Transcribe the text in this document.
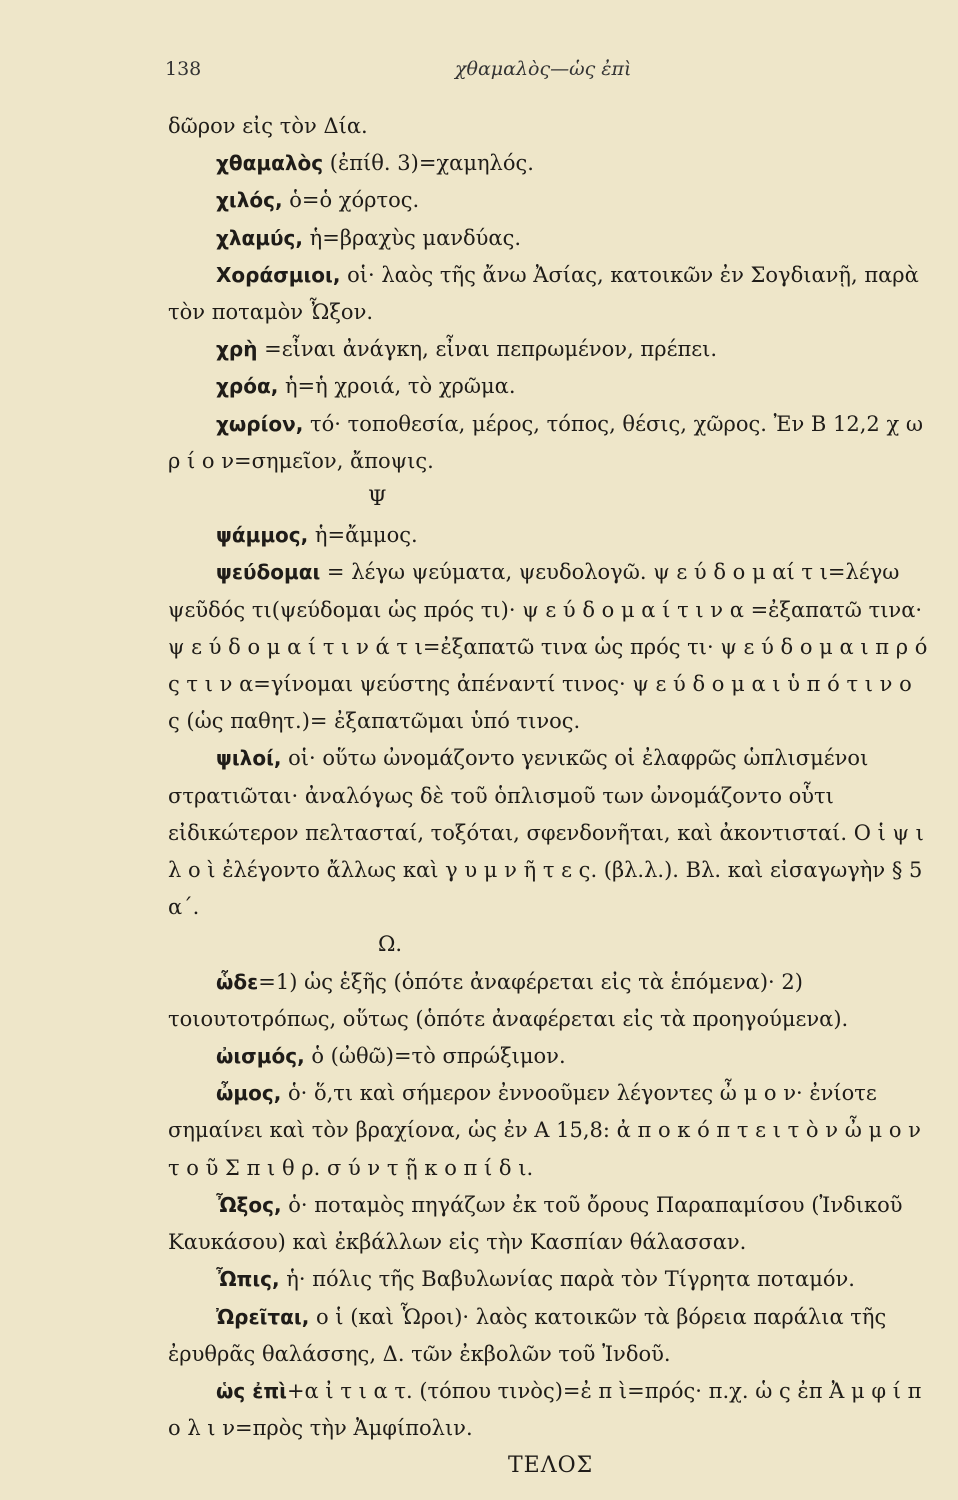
138	χθαμαλὸς—ὡς ἐπὶ

δῶρον εἰς τὸν Δία.

χθαμαλὸς (ἐπίθ. 3)=χαμηλός.

χιλός, ὁ=ὁ χόρτος.

χλαμύς, ἡ=βραχὺς μανδύας.

Χοράσμιοι, οἱ· λαὸς τῆς ἄνω Ἀσίας, κατοικῶν ἐν Σογδιανῇ, παρὰ τὸν ποταμὸν Ὦξον.

χρὴ =εἶναι ἀνάγκη, εἶναι πεπρωμένον, πρέπει.

χρόα, ἡ=ἡ χροιά, τὸ χρῶμα.

χωρίον, τό· τοποθεσία, μέρος, τόπος, θέσις, χῶρος. Ἐν Β 12,2 χ ω ρ ί ο ν=σημεῖον, ἄποψις.

Ψ

ψάμμος, ἡ=ἄμμος.

ψεύδομαι = λέγω ψεύματα, ψευδολογῶ. ψ ε ύ δ ο μ αί τ ι=λέγω ψεῦδός τι(ψεύδομαι ὡς πρός τι)· ψ ε ύ δ ο μ α ί τ ι ν α =ἐξαπατῶ τινα· ψ ε ύ δ ο μ α ί τ ι ν ά τ ι=ἐξαπατῶ τινα ὡς πρός τι· ψ ε ύ δ ο μ α ι π ρ ό ς τ ι ν α=γίνομαι ψεύστης ἀπέναντί τινος· ψ ε ύ δ ο μ α ι ὑ π ό τ ι ν ο ς (ὡς παθητ.)= ἐξαπατῶμαι ὑπό τινος.

ψιλοί, οἱ· οὕτω ὠνομάζοντο γενικῶς οἱ ἐλαφρῶς ὡπλισμένοι στρατιῶται· ἀναλόγως δὲ τοῦ ὁπλισμοῦ των ὠνομάζοντο οὗτι εἰδικώτερον πελτασταί, τοξόται, σφενδονῆται, καὶ ἀκοντισταί. Ο ἱ ψ ι λ ο ὶ ἐλέγοντο ἄλλως καὶ γ υ μ ν ῆ τ ε ς. (βλ.λ.). Βλ. καὶ εἰσαγωγὴν § 5 α΄.

Ω.

ὧδε=1) ὡς ἑξῆς (ὁπότε ἀναφέρεται εἰς τὰ ἑπόμενα)· 2) τοιουτοτρόπως, οὕτως (ὁπότε ἀναφέρεται εἰς τὰ προηγούμενα).

ὠισμός, ὁ (ὠθῶ)=τὸ σπρώξιμον.

ὦμος, ὁ· ὅ,τι καὶ σήμερον ἐννοοῦμεν λέγοντες ὦ μ ο ν· ἐνίοτε σημαίνει καὶ τὸν βραχίονα, ὡς ἐν Α 15,8: ἀ π ο κ ό π τ ε ι τ ὸ ν ὦ μ ο ν τ ο ῦ Σ π ι θ ρ. σ ύ ν τ ῇ κ ο π ί δ ι.

Ὦξος, ὁ· ποταμὸς πηγάζων ἐκ τοῦ ὄρους Παραπαμίσου (Ἰνδικοῦ Καυκάσου) καὶ ἐκβάλλων εἰς τὴν Κασπίαν θάλασσαν.

Ὦπις, ἡ· πόλις τῆς Βαβυλωνίας παρὰ τὸν Τίγρητα ποταμόν.

Ὠρεῖται, ο ἱ (καὶ Ὧροι)· λαὸς κατοικῶν τὰ βόρεια παράλια τῆς ἐρυθρᾶς θαλάσσης, Δ. τῶν ἐκβολῶν τοῦ Ἰνδοῦ.

ὡς ἐπὶ+α ἰ τ ι α τ. (τόπου τινὸς)=ἐ π ὶ=πρός· π.χ. ὡ ς ἐπ Ἀ μ φ ί π ο λ ι ν=πρὸς τὴν Ἀμφίπολιν.

ΤΕΛΟΣ
